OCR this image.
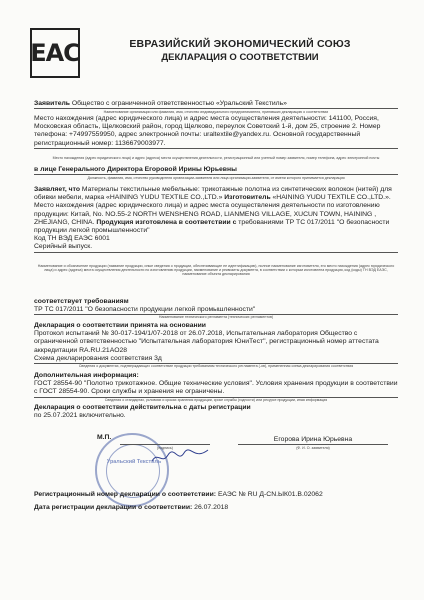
EAC	ЕВРАЗИЙСКИЙ ЭКОНОМИЧЕСКИЙ СОЮЗ
ДЕКЛАРАЦИЯ О СООТВЕТСТВИИ
Заявитель Общество с ограниченной ответственностью «Уральский Текстиль»
Наименование организации или фамилия, имя, отчество индивидуального предпринимателя, принявших декларацию о соответствии
Место нахождения (адрес юридического лица) и адрес места осуществления деятельности: 141100, Россия, Московская область, Щелковский район, город Щелково, переулок Советский 1-й, дом 25, строение 2. Номер телефона: +74997559950, адрес электронной почты: uraltextile@yandex.ru. Основной государственный регистрационный номер: 1136679003977.
Место нахождения (адрес юридического лица) и адрес (адреса) места осуществления деятельности, регистрационный или учетный номер заявителя, номер телефона, адрес электронной почты
в лице Генерального Директора Егоровой Ирины Юрьевны
Должность, фамилия, имя, отчество руководителя организации-заявителя или лица организации-заявителя, от имени которого принимается декларация
Заявляет, что Материалы текстильные мебельные: трикотажные полотна из синтетических волокон (нитей) для обивки мебели, марка «HAINING YUDU TEXTILE CO.,LTD.» Изготовитель «HAINING YUDU TEXTILE CO.,LTD.». Место нахождения (адрес юридического лица) и адрес места осуществления деятельности по изготовлению продукции: Китай, No. NO.55-2 NORTH WENSHENG ROAD, LIANMENG VILLAGE, XUCUN TOWN, HAINING , ZHEJIANG, CHINA. Продукция изготовлена в соответствии с требованиями ТР ТС 017/2011 "О безопасности продукции легкой промышленности"
Код ТН ВЭД ЕАЭС 6001
Серийный выпуск.
Наименование и обозначение продукции (название продукции, иные сведения о продукции, обеспечивающие ее идентификацию), полное наименование изготовителя, его место нахождения (адрес юридического лица) и адрес (адреса) места осуществления деятельности по изготовлению продукции, наименование и реквизиты документа, в соответствии с которым изготовлена продукция, код (коды) ТН ВЭД ЕАЭС, наименование объекта декларирования
соответствует требованиям
ТР ТС 017/2011 "О безопасности продукции легкой промышленности"
Наименование технического регламента (технических регламентов)
Декларация о соответствии принята на основании
Протокол испытаний № 30-017-194/1/07-2018 от 26.07.2018, Испытательная лаборатория Общество с ограниченной ответственностью "Испытательная лаборатория ЮниТест", регистрационный номер аттестата аккредитации RA.RU.21AO28
Схема декларирования соответствия 3д
Сведения о документах, подтверждающих соответствие продукции требованиям технического регламента (-ов), примененная схема декларирования соответствия
Дополнительная информация:
ГОСТ 28554-90 "Полотно трикотажное. Общие технические условия". Условия хранения продукции в соответствии с ГОСТ 28554-90. Сроки службы и хранения не ограничены.
Сведения о стандартах, условиях и сроках хранения продукции, сроке службы (годности) или ресурсе продукции, иная информация
Декларация о соответствии действительна с даты регистрации
по 25.07.2021 включительно.
М.П.
Уральский Текстиль
(подпись)
Егорова Ирина Юрьевна
(Ф. И. О. заявителя)
Регистрационный номер декларации о соответствии: ЕАЭС № RU Д-CN.ЫК01.В.02062
Дата регистрации декларации о соответствии: 26.07.2018
